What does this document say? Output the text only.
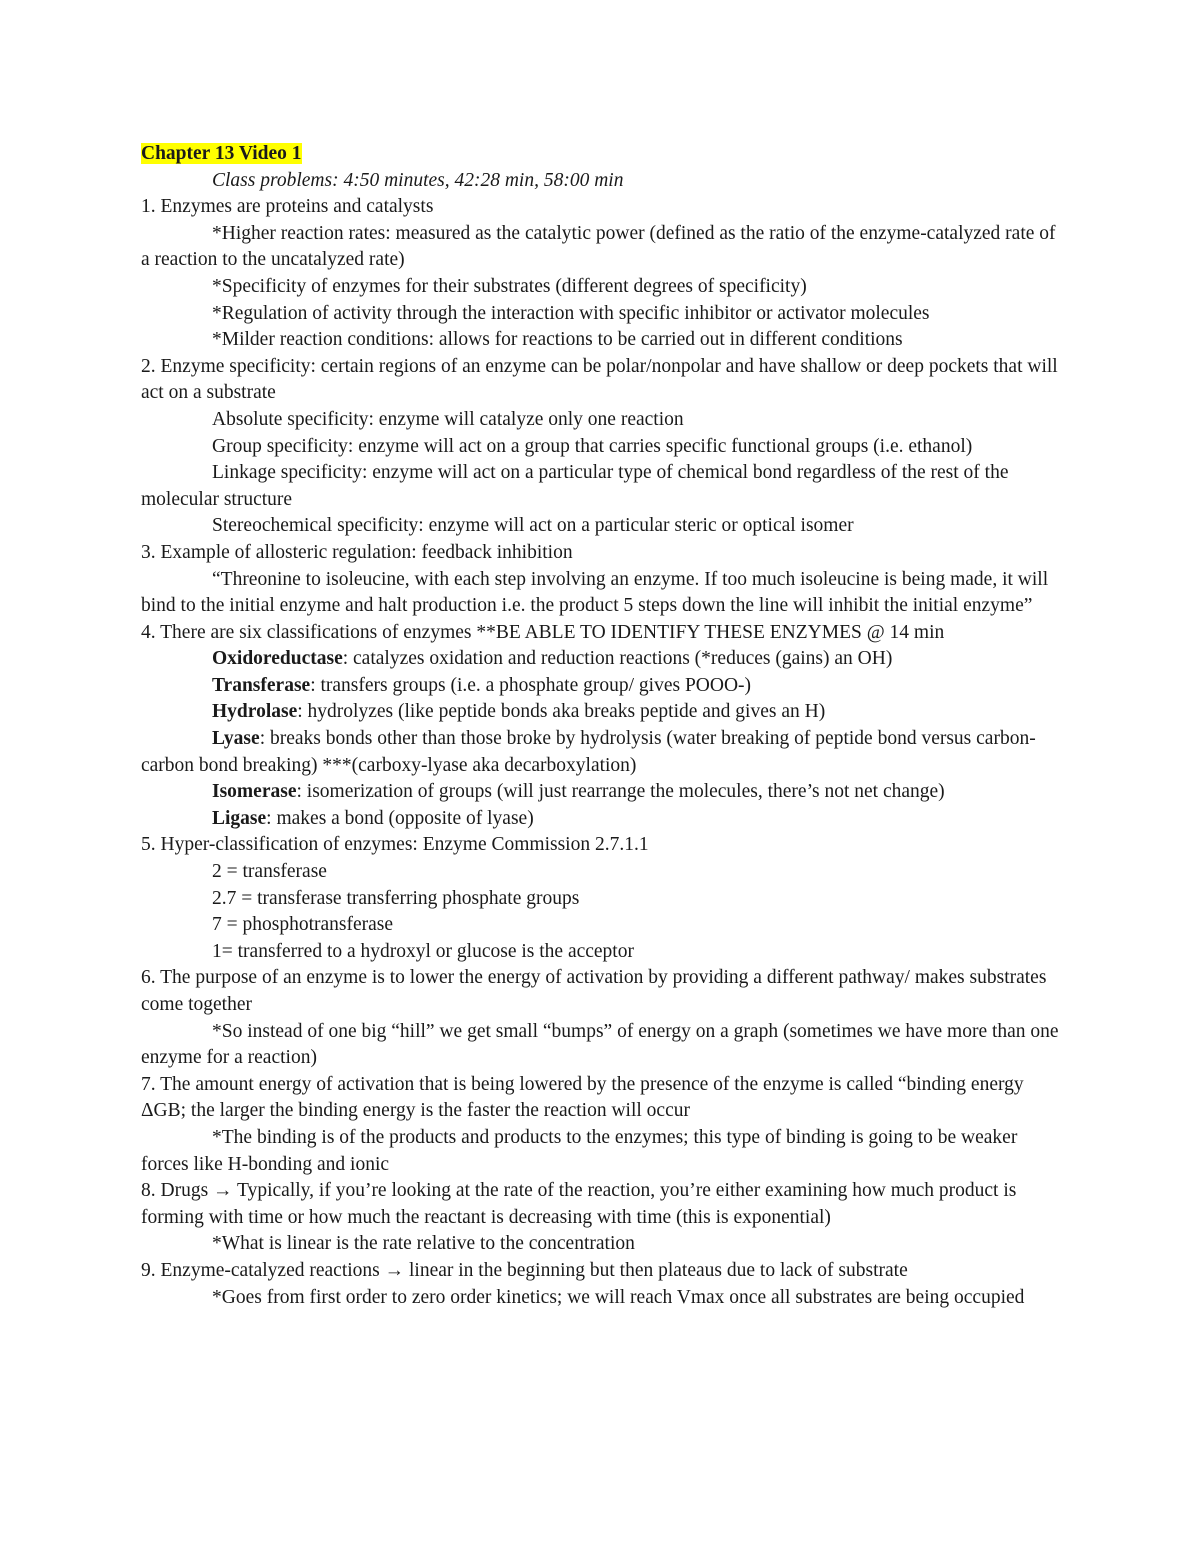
Chapter 13 Video 1

Class problems: 4:50 minutes, 42:28 min, 58:00 min

1. Enzymes are proteins and catalysts

*Higher reaction rates: measured as the catalytic power (defined as the ratio of the enzyme-catalyzed rate of a reaction to the uncatalyzed rate)

*Specificity of enzymes for their substrates (different degrees of specificity)

*Regulation of activity through the interaction with specific inhibitor or activator molecules

*Milder reaction conditions: allows for reactions to be carried out in different conditions

2. Enzyme specificity: certain regions of an enzyme can be polar/nonpolar and have shallow or deep pockets that will act on a substrate

Absolute specificity: enzyme will catalyze only one reaction

Group specificity: enzyme will act on a group that carries specific functional groups (i.e. ethanol)

Linkage specificity: enzyme will act on a particular type of chemical bond regardless of the rest of the molecular structure

Stereochemical specificity: enzyme will act on a particular steric or optical isomer

3. Example of allosteric regulation: feedback inhibition

“Threonine to isoleucine, with each step involving an enzyme. If too much isoleucine is being made, it will bind to the initial enzyme and halt production i.e. the product 5 steps down the line will inhibit the initial enzyme”

4. There are six classifications of enzymes **BE ABLE TO IDENTIFY THESE ENZYMES @ 14 min

Oxidoreductase: catalyzes oxidation and reduction reactions (*reduces (gains) an OH)

Transferase: transfers groups (i.e. a phosphate group/ gives POOO-)

Hydrolase: hydrolyzes (like peptide bonds aka breaks peptide and gives an H)

Lyase: breaks bonds other than those broke by hydrolysis (water breaking of peptide bond versus carbon-carbon bond breaking) ***(carboxy-lyase aka decarboxylation)

Isomerase: isomerization of groups (will just rearrange the molecules, there’s not net change)

Ligase: makes a bond (opposite of lyase)

5. Hyper-classification of enzymes: Enzyme Commission 2.7.1.1

2 = transferase

2.7 = transferase transferring phosphate groups

7 = phosphotransferase

1= transferred to a hydroxyl or glucose is the acceptor

6. The purpose of an enzyme is to lower the energy of activation by providing a different pathway/ makes substrates come together

*So instead of one big “hill” we get small “bumps” of energy on a graph (sometimes we have more than one enzyme for a reaction)

7. The amount energy of activation that is being lowered by the presence of the enzyme is called “binding energy ΔGB; the larger the binding energy is the faster the reaction will occur

*The binding is of the products and products to the enzymes; this type of binding is going to be weaker forces like H-bonding and ionic

8. Drugs → Typically, if you’re looking at the rate of the reaction, you’re either examining how much product is forming with time or how much the reactant is decreasing with time (this is exponential)

*What is linear is the rate relative to the concentration

9. Enzyme-catalyzed reactions → linear in the beginning but then plateaus due to lack of substrate

*Goes from first order to zero order kinetics; we will reach Vmax once all substrates are being occupied
